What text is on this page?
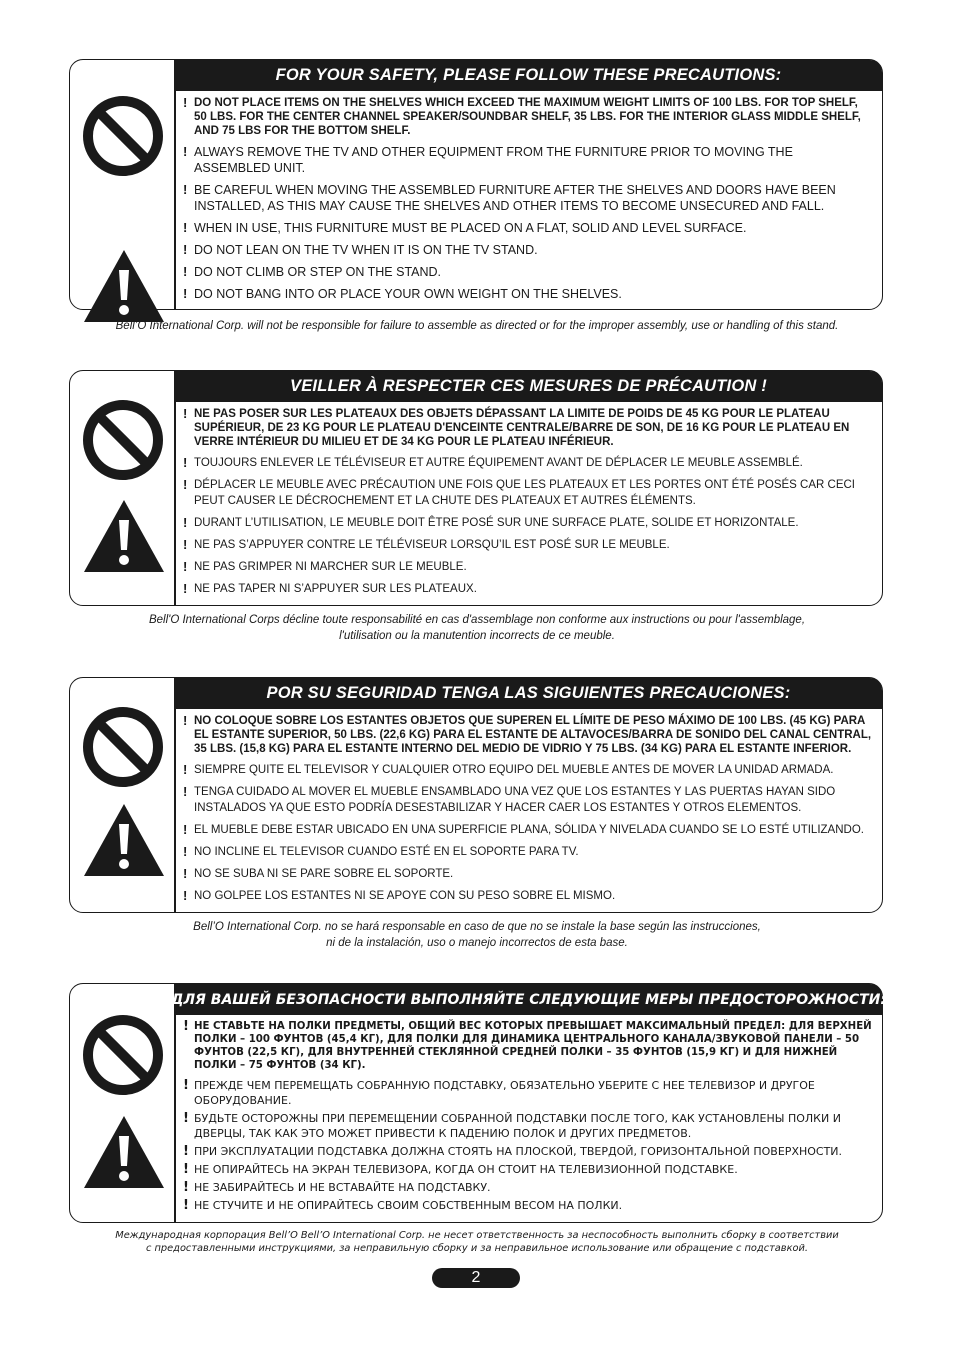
FOR YOUR SAFETY, PLEASE FOLLOW THESE PRECAUTIONS:
! DO NOT PLACE ITEMS ON THE SHELVES WHICH EXCEED THE MAXIMUM WEIGHT LIMITS OF 100 LBS. FOR TOP SHELF, 50 LBS. FOR THE CENTER CHANNEL SPEAKER/SOUNDBAR SHELF, 35 LBS. FOR THE INTERIOR GLASS MIDDLE SHELF, AND 75 LBS FOR THE BOTTOM SHELF.
! ALWAYS REMOVE THE TV AND OTHER EQUIPMENT FROM THE FURNITURE PRIOR TO MOVING THE ASSEMBLED UNIT.
! BE CAREFUL WHEN MOVING THE ASSEMBLED FURNITURE AFTER THE SHELVES AND DOORS HAVE BEEN INSTALLED, AS THIS MAY CAUSE THE SHELVES AND OTHER ITEMS TO BECOME UNSECURED AND FALL.
! WHEN IN USE, THIS FURNITURE MUST BE PLACED ON A FLAT, SOLID AND LEVEL SURFACE.
! DO NOT LEAN ON THE TV WHEN IT IS ON THE TV STAND.
! DO NOT CLIMB OR STEP ON THE STAND.
! DO NOT BANG INTO OR PLACE YOUR OWN WEIGHT ON THE SHELVES.
Bell’O International Corp. will not be responsible for failure to assemble as directed or for the improper assembly, use or handling of this stand.
VEILLER À RESPECTER CES MESURES DE PRÉCAUTION !
! NE PAS POSER SUR LES PLATEAUX DES OBJETS DÉPASSANT LA LIMITE DE POIDS DE 45 KG POUR LE PLATEAU SUPÉRIEUR, DE 23 KG POUR LE PLATEAU D'ENCEINTE CENTRALE/BARRE DE SON, DE 16 KG POUR LE PLATEAU EN VERRE INTÉRIEUR DU MILIEU ET DE 34 KG POUR LE PLATEAU INFÉRIEUR.
! TOUJOURS ENLEVER LE TÉLÉVISEUR ET AUTRE ÉQUIPEMENT AVANT DE DÉPLACER LE MEUBLE ASSEMBLÉ.
! DÉPLACER LE MEUBLE AVEC PRÉCAUTION UNE FOIS QUE LES PLATEAUX ET LES PORTES ONT ÉTÉ POSÉS CAR CECI PEUT CAUSER LE DÉCROCHEMENT ET LA CHUTE DES PLATEAUX ET AUTRES ÉLÉMENTS.
! DURANT L’UTILISATION, LE MEUBLE DOIT ÊTRE POSÉ SUR UNE SURFACE PLATE, SOLIDE ET HORIZONTALE.
! NE PAS S’APPUYER CONTRE LE TÉLÉVISEUR LORSQU’IL EST POSÉ SUR LE MEUBLE.
! NE PAS GRIMPER NI MARCHER SUR LE MEUBLE.
! NE PAS TAPER NI S’APPUYER SUR LES PLATEAUX.
Bell'O International Corps décline toute responsabilité en cas d'assemblage non conforme aux instructions ou pour l'assemblage,
l'utilisation ou la manutention incorrects de ce meuble.
POR SU SEGURIDAD TENGA LAS SIGUIENTES PRECAUCIONES:
! NO COLOQUE SOBRE LOS ESTANTES OBJETOS QUE SUPEREN EL LÍMITE DE PESO MÁXIMO DE 100 LBS. (45 KG) PARA EL ESTANTE SUPERIOR, 50 LBS. (22,6 KG) PARA EL ESTANTE DE ALTAVOCES/BARRA DE SONIDO DEL CANAL CENTRAL, 35 LBS. (15,8 KG) PARA EL ESTANTE INTERNO DEL MEDIO DE VIDRIO Y 75 LBS. (34 KG) PARA EL ESTANTE INFERIOR.
! SIEMPRE QUITE EL TELEVISOR Y CUALQUIER OTRO EQUIPO DEL MUEBLE ANTES DE MOVER LA UNIDAD ARMADA.
! TENGA CUIDADO AL MOVER EL MUEBLE ENSAMBLADO UNA VEZ QUE LOS ESTANTES Y LAS PUERTAS HAYAN SIDO INSTALADOS YA QUE ESTO PODRÍA DESESTABILIZAR Y HACER CAER LOS ESTANTES Y OTROS ELEMENTOS.
! EL MUEBLE DEBE ESTAR UBICADO EN UNA SUPERFICIE PLANA, SÓLIDA Y NIVELADA CUANDO SE LO ESTÉ UTILIZANDO.
! NO INCLINE EL TELEVISOR CUANDO ESTÉ EN EL SOPORTE PARA TV.
! NO SE SUBA NI SE PARE SOBRE EL SOPORTE.
! NO GOLPEE LOS ESTANTES NI SE APOYE CON SU PESO SOBRE EL MISMO.
Bell’O International Corp. no se hará responsable en caso de que no se instale la base según las instrucciones,
ni de la instalación, uso o manejo incorrectos de esta base.
ДЛЯ ВАШЕЙ БЕЗОПАСНОСТИ ВЫПОЛНЯЙТЕ СЛЕДУЮЩИЕ МЕРЫ ПРЕДОСТОРОЖНОСТИ:
! НЕ СТАВЬТЕ НА ПОЛКИ ПРЕДМЕТЫ, ОБЩИЙ ВЕС КОТОРЫХ ПРЕВЫШАЕТ МАКСИМАЛЬНЫЙ ПРЕДЕЛ: ДЛЯ ВЕРХНЕЙ ПОЛКИ – 100 ФУНТОВ (45,4 КГ), ДЛЯ ПОЛКИ ДЛЯ ДИНАМИКА ЦЕНТРАЛЬНОГО КАНАЛА/ЗВУКОВОЙ ПАНЕЛИ – 50 ФУНТОВ (22,5 КГ), ДЛЯ ВНУТРЕННЕЙ СТЕКЛЯННОЙ СРЕДНЕЙ ПОЛКИ – 35 ФУНТОВ (15,9 КГ) И ДЛЯ НИЖНЕЙ ПОЛКИ – 75 ФУНТОВ (34 КГ).
! ПРЕЖДЕ ЧЕМ ПЕРЕМЕЩАТЬ СОБРАННУЮ ПОДСТАВКУ, ОБЯЗАТЕЛЬНО УБЕРИТЕ С НЕЕ ТЕЛЕВИЗОР И ДРУГОЕ ОБОРУДОВАНИЕ.
! БУДЬТЕ ОСТОРОЖНЫ ПРИ ПЕРЕМЕЩЕНИИ СОБРАННОЙ ПОДСТАВКИ ПОСЛЕ ТОГО, КАК УСТАНОВЛЕНЫ ПОЛКИ И ДВЕРЦЫ, ТАК КАК ЭТО МОЖЕТ ПРИВЕСТИ К ПАДЕНИЮ ПОЛОК И ДРУГИХ ПРЕДМЕТОВ.
! ПРИ ЭКСПЛУАТАЦИИ ПОДСТАВКА ДОЛЖНА СТОЯТЬ НА ПЛОСКОЙ, ТВЕРДОЙ, ГОРИЗОНТАЛЬНОЙ ПОВЕРХНОСТИ.
! НЕ ОПИРАЙТЕСЬ НА ЭКРАН ТЕЛЕВИЗОРА, КОГДА ОН СТОИТ НА ТЕЛЕВИЗИОННОЙ ПОДСТАВКЕ.
! НЕ ЗАБИРАЙТЕСЬ И НЕ ВСТАВАЙТЕ НА ПОДСТАВКУ.
! НЕ СТУЧИТЕ И НЕ ОПИРАЙТЕСЬ СВОИМ СОБСТВЕННЫМ ВЕСОМ НА ПОЛКИ.
Международная корпорация Bell’O Bell’O International Corp. не несет ответственность за неспособность выполнить сборку в соответствии
с предоставленными инструкциями, за неправильную сборку и за неправильное использование или обращение с подставкой.
2
